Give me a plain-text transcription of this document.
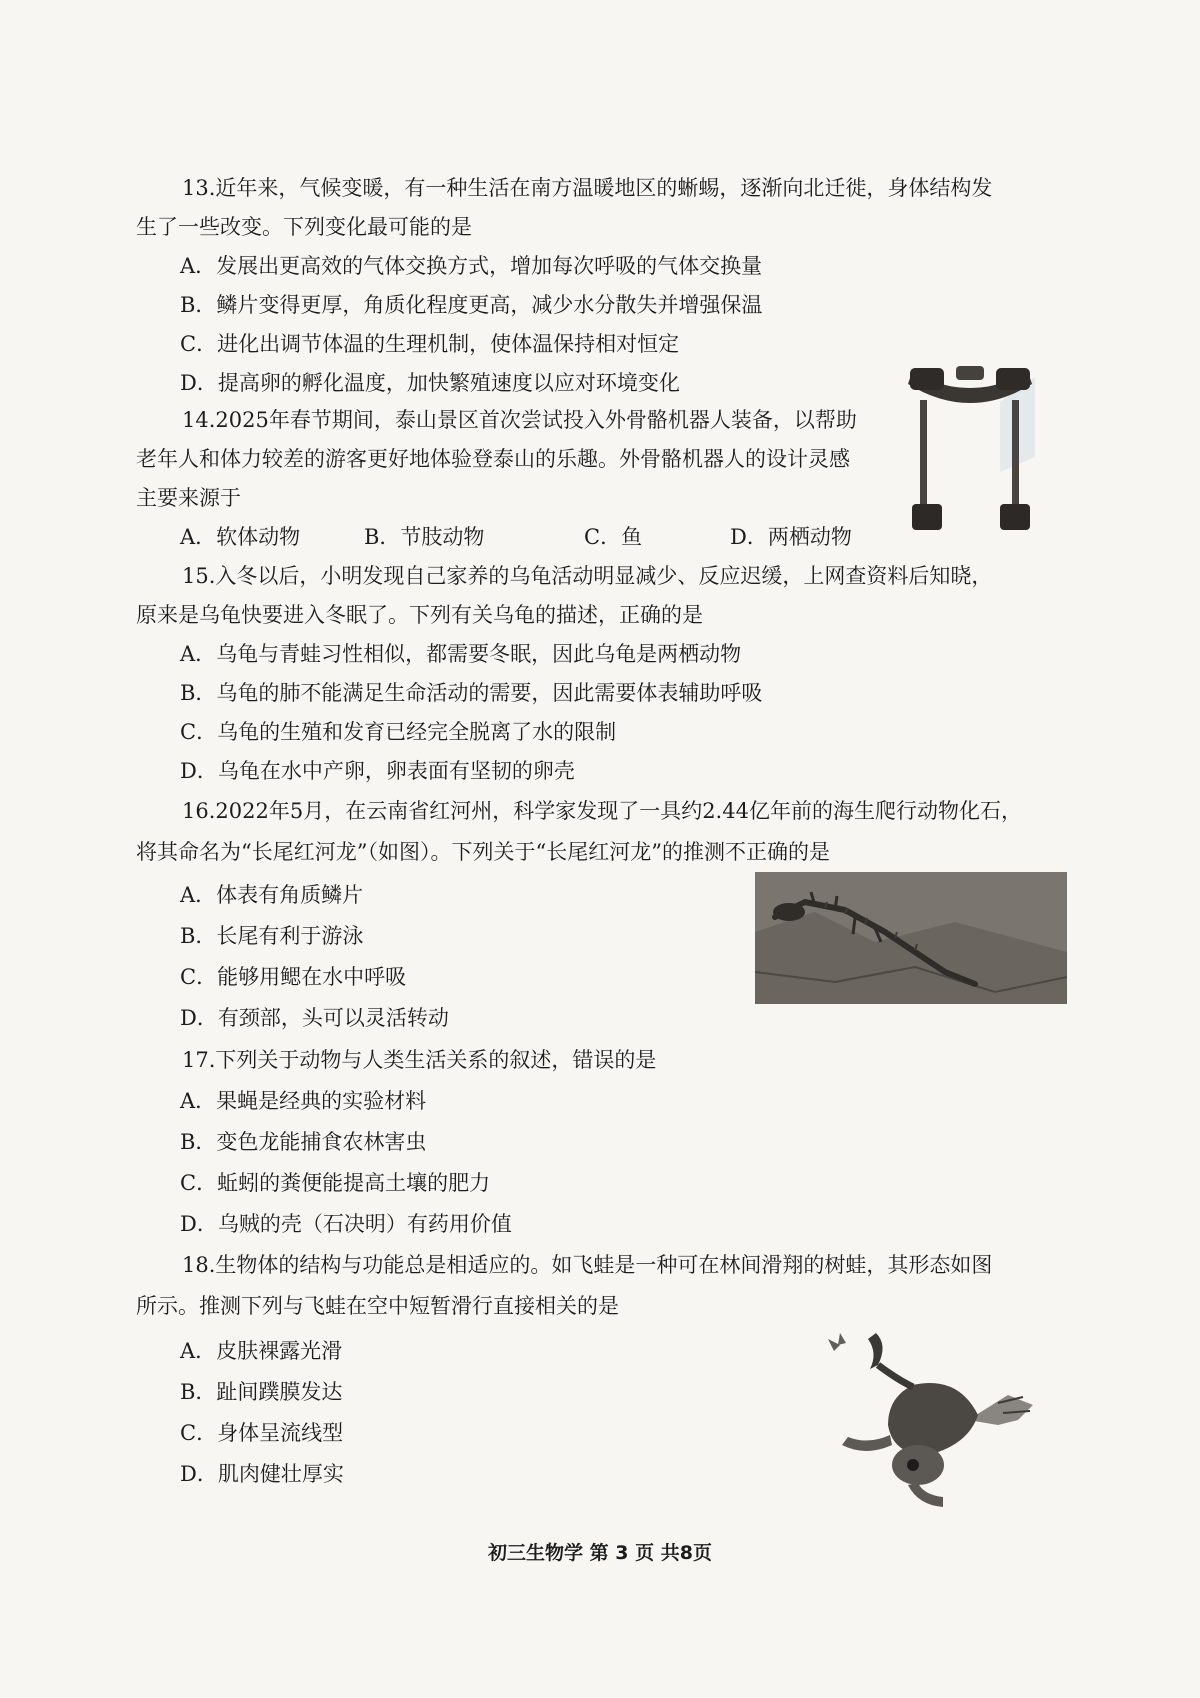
13.近年来，气候变暖，有一种生活在南方温暖地区的蜥蜴，逐渐向北迁徙，身体结构发
生了一些改变。下列变化最可能的是
A．发展出更高效的气体交换方式，增加每次呼吸的气体交换量
B．鳞片变得更厚，角质化程度更高，减少水分散失并增强保温
C．进化出调节体温的生理机制，使体温保持相对恒定
D．提高卵的孵化温度，加快繁殖速度以应对环境变化
14.2025年春节期间，泰山景区首次尝试投入外骨骼机器人装备，以帮助
老年人和体力较差的游客更好地体验登泰山的乐趣。外骨骼机器人的设计灵感
主要来源于
A．软体动物	B．节肢动物	C．鱼	D．两栖动物
15.入冬以后，小明发现自己家养的乌龟活动明显减少、反应迟缓，上网查资料后知晓，
原来是乌龟快要进入冬眠了。下列有关乌龟的描述，正确的是
A．乌龟与青蛙习性相似，都需要冬眠，因此乌龟是两栖动物
B．乌龟的肺不能满足生命活动的需要，因此需要体表辅助呼吸
C．乌龟的生殖和发育已经完全脱离了水的限制
D．乌龟在水中产卵，卵表面有坚韧的卵壳
16.2022年5月，在云南省红河州，科学家发现了一具约2.44亿年前的海生爬行动物化石，
将其命名为“长尾红河龙”（如图）。下列关于“长尾红河龙”的推测不正确的是
A．体表有角质鳞片
B．长尾有利于游泳
C．能够用鳃在水中呼吸
D．有颈部，头可以灵活转动
17.下列关于动物与人类生活关系的叙述，错误的是
A．果蝇是经典的实验材料
B．变色龙能捕食农林害虫
C．蚯蚓的粪便能提高土壤的肥力
D．乌贼的壳（石决明）有药用价值
18.生物体的结构与功能总是相适应的。如飞蛙是一种可在林间滑翔的树蛙，其形态如图
所示。推测下列与飞蛙在空中短暂滑行直接相关的是
A．皮肤裸露光滑
B．趾间蹼膜发达
C．身体呈流线型
D．肌肉健壮厚实
初三生物学 第 3 页 共8页
